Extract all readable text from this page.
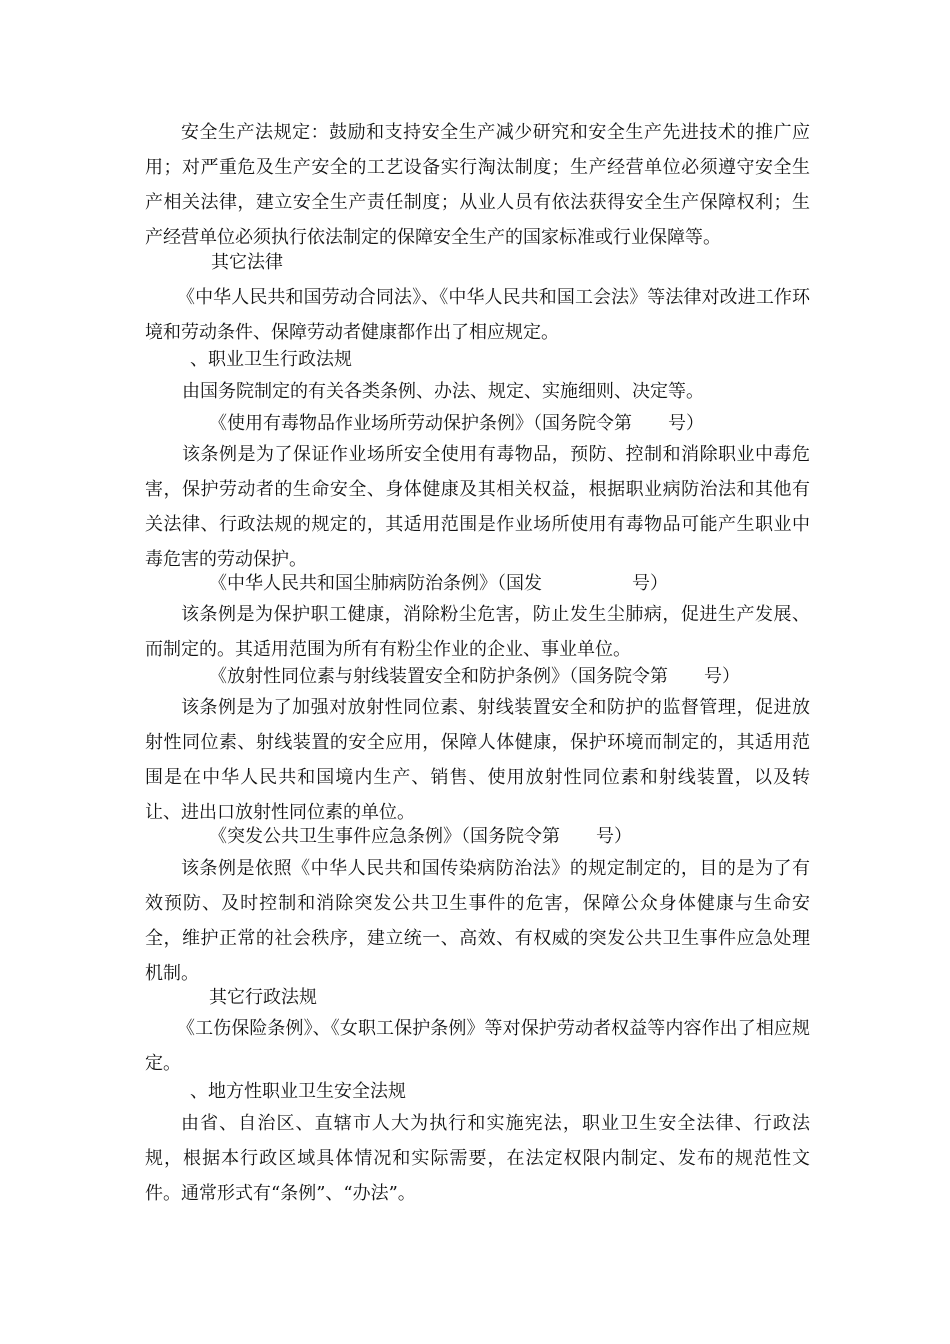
安全生产法规定：鼓励和支持安全生产减少研究和安全生产先进技术的推广应用；对严重危及生产安全的工艺设备实行淘汰制度；生产经营单位必须遵守安全生产相关法律，建立安全生产责任制度；从业人员有依法获得安全生产保障权利；生产经营单位必须执行依法制定的保障安全生产的国家标准或行业保障等。

其它法律

《中华人民共和国劳动合同法》、《中华人民共和国工会法》等法律对改进工作环境和劳动条件、保障劳动者健康都作出了相应规定。

、职业卫生行政法规

由国务院制定的有关各类条例、办法、规定、实施细则、决定等。

《使用有毒物品作业场所劳动保护条例》（国务院令第　　号）

该条例是为了保证作业场所安全使用有毒物品，预防、控制和消除职业中毒危害，保护劳动者的生命安全、身体健康及其相关权益，根据职业病防治法和其他有关法律、行政法规的规定的，其适用范围是作业场所使用有毒物品可能产生职业中毒危害的劳动保护。

《中华人民共和国尘肺病防治条例》（国发　　　　　号）

该条例是为保护职工健康，消除粉尘危害，防止发生尘肺病，促进生产发展、而制定的。其适用范围为所有有粉尘作业的企业、事业单位。

《放射性同位素与射线装置安全和防护条例》（国务院令第　　号）

该条例是为了加强对放射性同位素、射线装置安全和防护的监督管理，促进放射性同位素、射线装置的安全应用，保障人体健康，保护环境而制定的，其适用范围是在中华人民共和国境内生产、销售、使用放射性同位素和射线装置，以及转让、进出口放射性同位素的单位。

《突发公共卫生事件应急条例》（国务院令第　　号）

该条例是依照《中华人民共和国传染病防治法》的规定制定的，目的是为了有效预防、及时控制和消除突发公共卫生事件的危害，保障公众身体健康与生命安全，维护正常的社会秩序，建立统一、高效、有权威的突发公共卫生事件应急处理机制。

其它行政法规

《工伤保险条例》、《女职工保护条例》等对保护劳动者权益等内容作出了相应规定。

、地方性职业卫生安全法规

由省、自治区、直辖市人大为执行和实施宪法，职业卫生安全法律、行政法规，根据本行政区域具体情况和实际需要，在法定权限内制定、发布的规范性文件。通常形式有“条例”、“办法”。
